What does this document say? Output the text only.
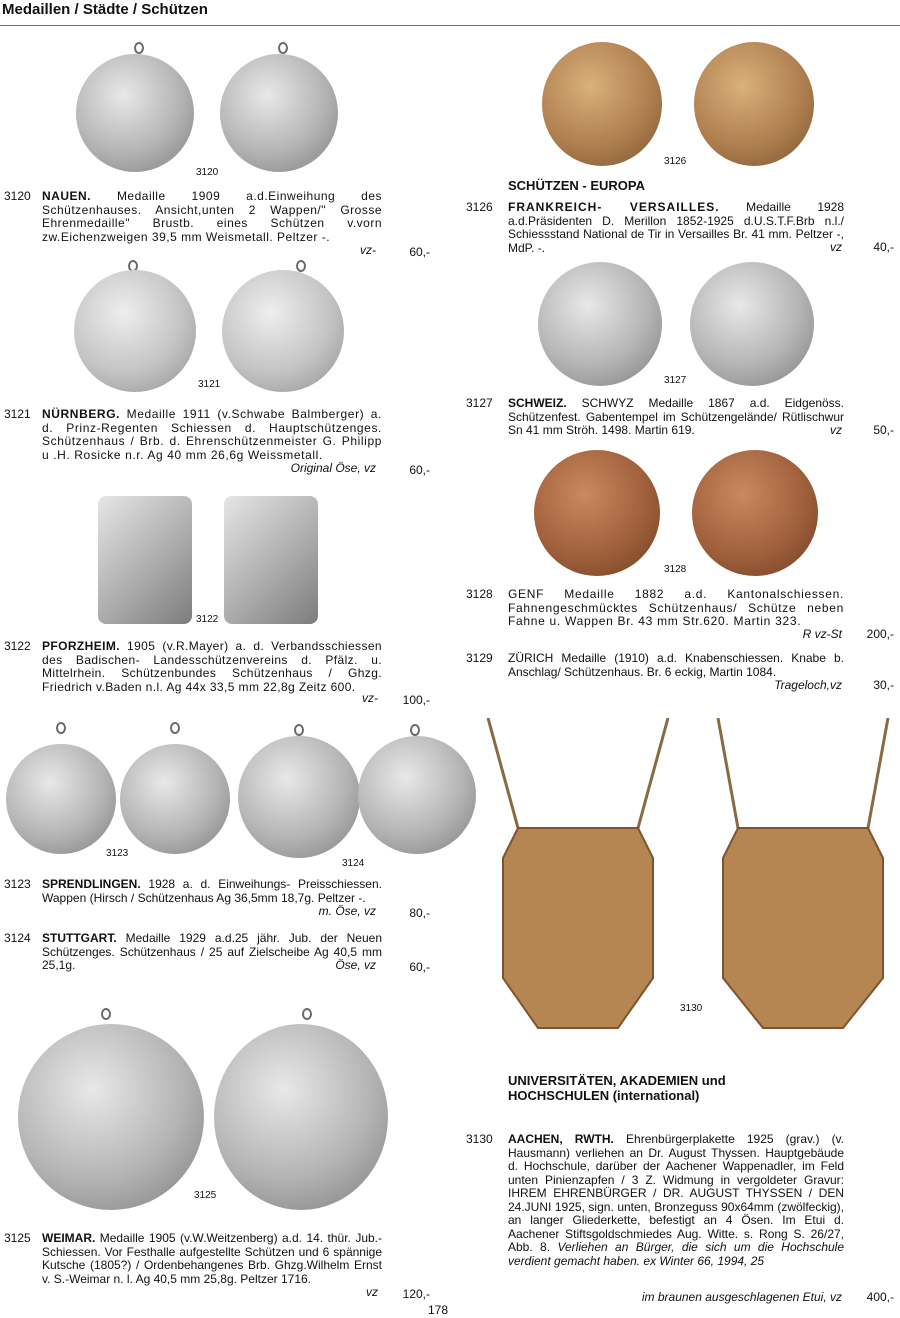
Medaillen / Städte / Schützen
3120
3121
3122
3123
3124
3125
3126
3127
3128
3130
SCHÜTZEN - EUROPA
UNIVERSITÄTEN, AKADEMIEN und HOCHSCHULEN (international)
3120 NAUEN. Medaille 1909 a.d.Einweihung des Schützenhauses. Ansicht,unten 2 Wappen/" Grosse Ehrenmedaille" Brustb. eines Schützen v.vorn zw.Eichenzweigen 39,5 mm Weismetall. Peltzer -.
vz-	60,-
3121 NÜRNBERG. Medaille 1911 (v.Schwabe Balmberger) a. d. Prinz-Regenten Schiessen d. Hauptschützenges. Schützenhaus / Brb. d. Ehrenschützenmeister G. Philipp u .H. Rosicke n.r. Ag 40 mm 26,6g Weissmetall.
Original Öse, vz	60,-
3122 PFORZHEIM. 1905 (v.R.Mayer) a. d. Verbandsschiessen des Badischen- Landesschützenvereins d. Pfälz. u. Mittelrhein. Schützenbundes Schützenhaus / Ghzg. Friedrich v.Baden n.l. Ag 44x 33,5 mm 22,8g Zeitz 600.
vz- 100,-
3123 SPRENDLINGEN. 1928 a. d. Einweihungs- Preisschiessen. Wappen (Hirsch / Schützenhaus Ag 36,5mm 18,7g. Peltzer -.
m. Öse, vz	80,-
3124 STUTTGART. Medaille 1929 a.d.25 jähr. Jub. der Neuen Schützenges. Schützenhaus / 25 auf Zielscheibe Ag 40,5 mm 25,1g.	Öse, vz	60,-
3125 WEIMAR. Medaille 1905 (v.W.Weitzenberg) a.d. 14. thür. Jub.-Schiessen. Vor Festhalle aufgestellte Schützen und 6 spännige Kutsche (1805?) / Ordenbehangenes Brb. Ghzg.Wilhelm Ernst v. S.-Weimar n. l. Ag 40,5 mm 25,8g. Peltzer 1716.
vz 120,-
3126 FRANKREICH- VERSAILLES. Medaille 1928 a.d.Präsidenten D. Merillon 1852-1925 d.U.S.T.F.Brb n.l./ Schiessstand National de Tir in Versailles Br. 41 mm. Peltzer -, MdP. -.	vz	40,-
3127 SCHWEIZ. SCHWYZ Medaille 1867 a.d. Eidgenöss. Schützenfest. Gabentempel im Schützengelände/ Rütlischwur Sn 41 mm Ströh. 1498. Martin 619.	vz	50,-
3128 GENF Medaille 1882 a.d. Kantonalschiessen. Fahnengeschmücktes Schützenhaus/ Schütze neben Fahne u. Wappen Br. 43 mm Str.620. Martin 323.
R vz-St 200,-
3129 ZÜRICH Medaille (1910) a.d. Knabenschiessen. Knabe b. Anschlag/ Schützenhaus. Br. 6 eckig, Martin 1084.
Trageloch,vz	30,-
3130 AACHEN, RWTH. Ehrenbürgerplakette 1925 (grav.) (v. Hausmann) verliehen an Dr. August Thyssen. Hauptgebäude d. Hochschule, darüber der Aachener Wappenadler, im Feld unten Pinienzapfen / 3 Z. Widmung in vergoldeter Gravur: IHREM EHRENBÜRGER / DR. AUGUST THYSSEN / DEN 24.JUNI 1925, sign. unten, Bronzeguss 90x64mm (zwölfeckig), an langer Gliederkette, befestigt an 4 Ösen. Im Etui d. Aachener Stiftsgoldschmiedes Aug. Witte. s. Rong S. 26/27, Abb. 8. Verliehen an Bürger, die sich um die Hochschule verdient gemacht haben. ex Winter 66, 1994, 25
im braunen ausgeschlagenen Etui, vz 400,-
178
